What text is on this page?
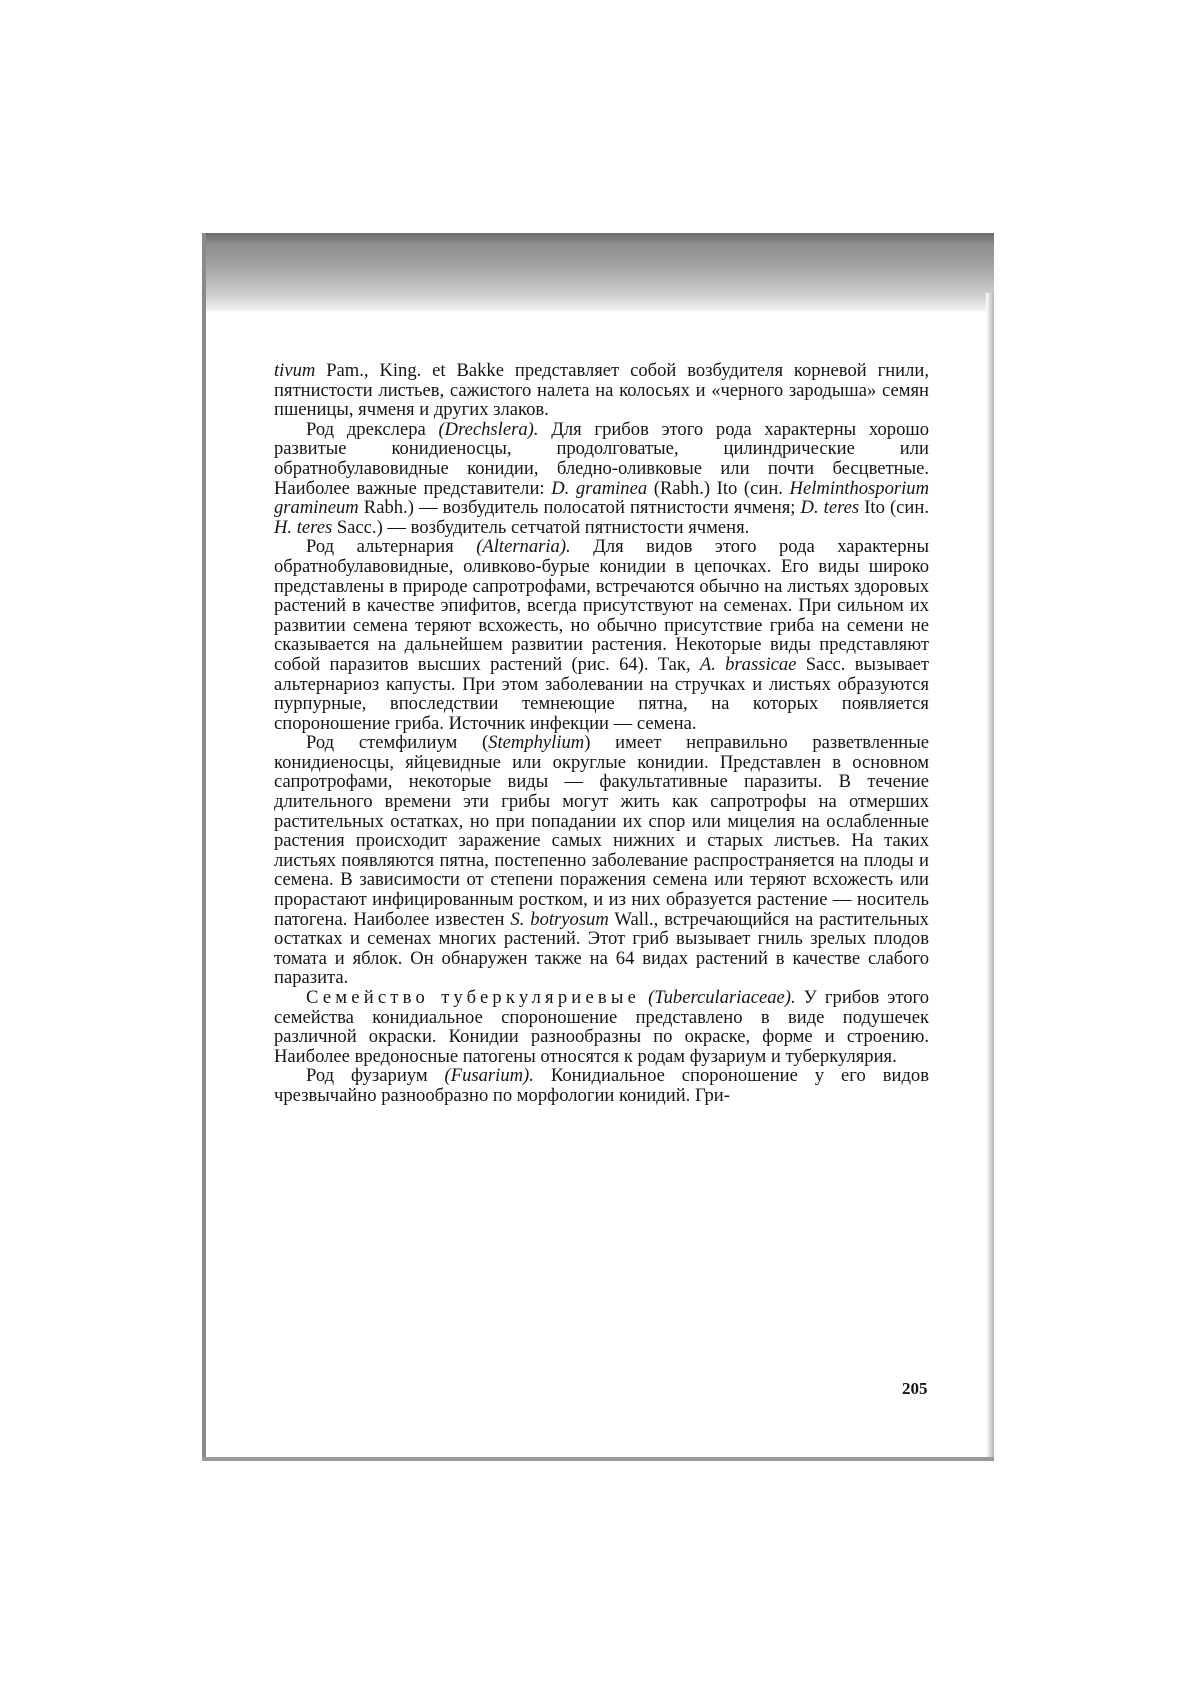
tivum Pam., King. et Bakke представляет собой возбудителя корневой гнили, пятнистости листьев, сажистого налета на колосьях и «черного зародыша» семян пшеницы, ячменя и других злаков.

Род дрекслера (Drechslera). Для грибов этого рода характерны хорошо развитые конидиеносцы, продолговатые, цилиндрические или обратнобулавовидные конидии, бледно-оливковые или почти бесцветные. Наиболее важные представители: D. graminea (Rabh.) Ito (син. Helminthosporium gramineum Rabh.) — возбудитель полосатой пятнистости ячменя; D. teres Ito (син. H. teres Sacc.) — возбудитель сетчатой пятнистости ячменя.

Род альтернария (Alternaria). Для видов этого рода характерны обратнобулавовидные, оливково-бурые конидии в цепочках. Его виды широко представлены в природе сапротрофами, встречаются обычно на листьях здоровых растений в качестве эпифитов, всегда присутствуют на семенах. При сильном их развитии семена теряют всхожесть, но обычно присутствие гриба на семени не сказывается на дальнейшем развитии растения. Некоторые виды представляют собой паразитов высших растений (рис. 64). Так, A. brassicae Sacc. вызывает альтернариоз капусты. При этом заболевании на стручках и листьях образуются пурпурные, впоследствии темнеющие пятна, на которых появляется спороношение гриба. Источник инфекции — семена.

Род стемфилиум (Stemphylium) имеет неправильно разветвленные конидиеносцы, яйцевидные или округлые конидии. Представлен в основном сапротрофами, некоторые виды — факультативные паразиты. В течение длительного времени эти грибы могут жить как сапротрофы на отмерших растительных остатках, но при попадании их спор или мицелия на ослабленные растения происходит заражение самых нижних и старых листьев. На таких листьях появляются пятна, постепенно заболевание распространяется на плоды и семена. В зависимости от степени поражения семена или теряют всхожесть или прорастают инфицированным ростком, и из них образуется растение — носитель патогена. Наиболее известен S. botryosum Wall., встречающийся на растительных остатках и семенах многих растений. Этот гриб вызывает гниль зрелых плодов томата и яблок. Он обнаружен также на 64 видах растений в качестве слабого паразита.

Семейство туберкуляриевые (Tuberculariaceae). У грибов этого семейства конидиальное спороношение представлено в виде подушечек различной окраски. Конидии разнообразны по окраске, форме и строению. Наиболее вредоносные патогены относятся к родам фузариум и туберкулярия.

Род фузариум (Fusarium). Конидиальное спороношение у его видов чрезвычайно разнообразно по морфологии конидий. Гри-

205
